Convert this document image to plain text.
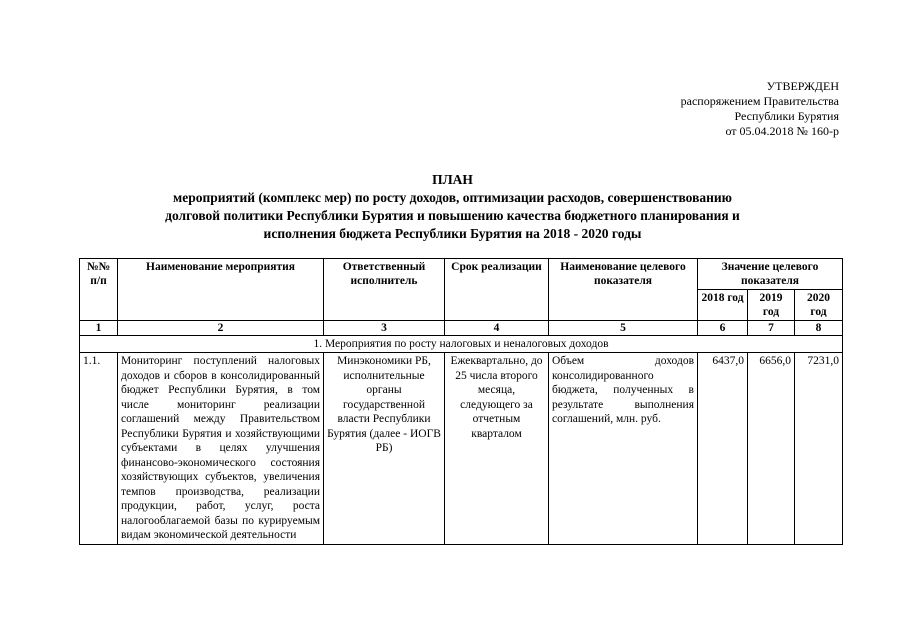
УТВЕРЖДЕН
распоряжением Правительства
Республики Бурятия
от 05.04.2018 № 160-р
ПЛАН
мероприятий (комплекс мер) по росту доходов, оптимизации расходов, совершенствованию
долговой политики Республики Бурятия и повышению качества бюджетного планирования и
исполнения бюджета Республики Бурятия на 2018 - 2020 годы
№№ п/п	Наименование мероприятия	Ответственный исполнитель	Срок реализации	Наименование целевого показателя	Значение целевого показателя		
					2018 год	2019 год	2020 год
1	2	3	4	5	6	7	8
1. Мероприятия по росту налоговых и неналоговых доходов							
1.1.	Мониторинг поступлений налоговых доходов и сборов в консолидированный бюджет Республики Бурятия, в том числе мониторинг реализации соглашений между Правительством Республики Бурятия и хозяйствующими субъектами в целях улучшения финансово-экономического состояния хозяйствующих субъектов, увеличения темпов производства, реализации продукции, работ, услуг, роста налогооблагаемой базы по курируемым видам экономической деятельности	Минэкономики РБ, исполнительные органы государственной власти Республики Бурятия (далее - ИОГВ РБ)	Ежеквартально, до 25 числа второго месяца, следующего за отчетным кварталом	Объем доходов консолидированного бюджета, полученных в результате выполнения соглашений, млн. руб.	6437,0	6656,0	7231,0
